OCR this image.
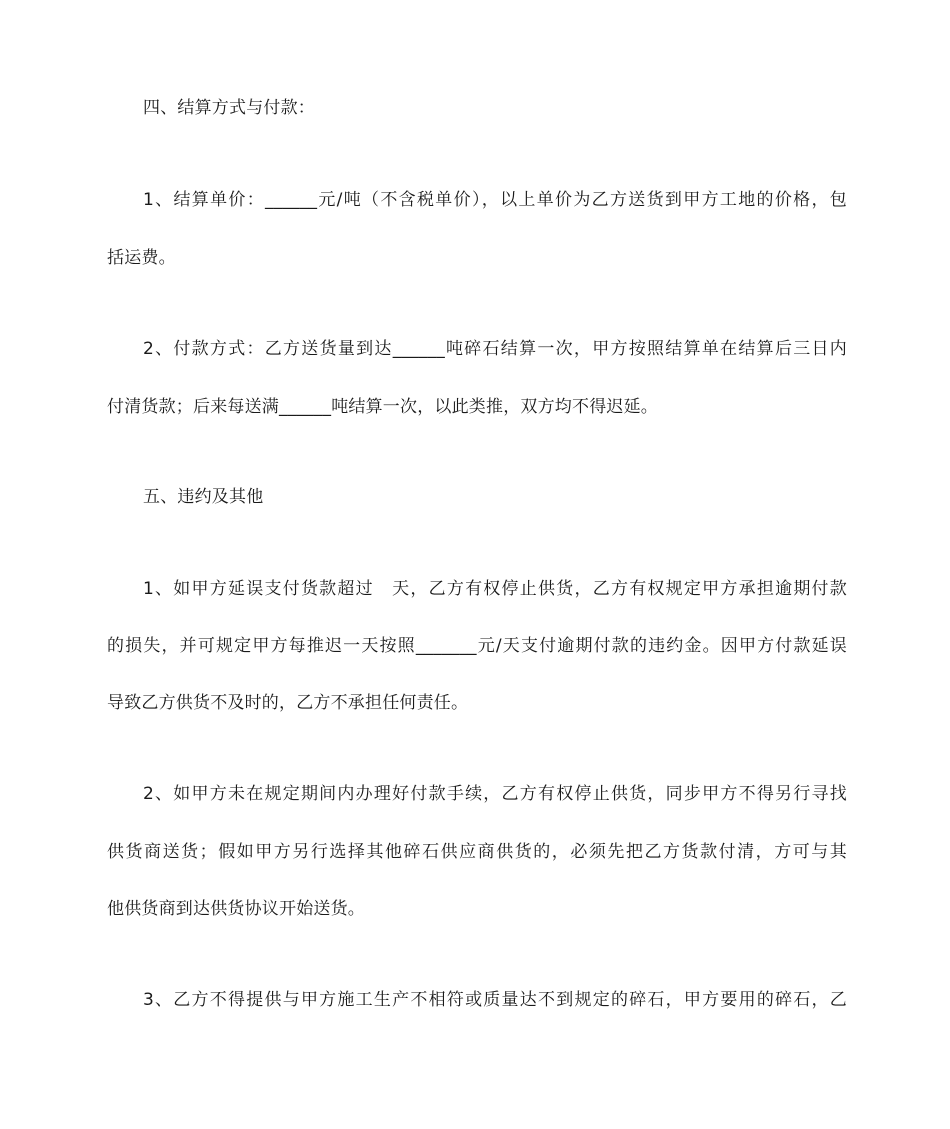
四、结算方式与付款：
1、结算单价：______元/吨（不含税单价），以上单价为乙方送货到甲方工地的价格，包
括运费。
2、付款方式：乙方送货量到达______吨碎石结算一次，甲方按照结算单在结算后三日内
付清货款；后来每送满______吨结算一次，以此类推，双方均不得迟延。
五、违约及其他
1、如甲方延误支付货款超过　天，乙方有权停止供货，乙方有权规定甲方承担逾期付款
的损失，并可规定甲方每推迟一天按照_______元/天支付逾期付款的违约金。因甲方付款延误
导致乙方供货不及时的，乙方不承担任何责任。
2、如甲方未在规定期间内办理好付款手续，乙方有权停止供货，同步甲方不得另行寻找
供货商送货；假如甲方另行选择其他碎石供应商供货的，必须先把乙方货款付清，方可与其
他供货商到达供货协议开始送货。
3、乙方不得提供与甲方施工生产不相符或质量达不到规定的碎石，甲方要用的碎石，乙
